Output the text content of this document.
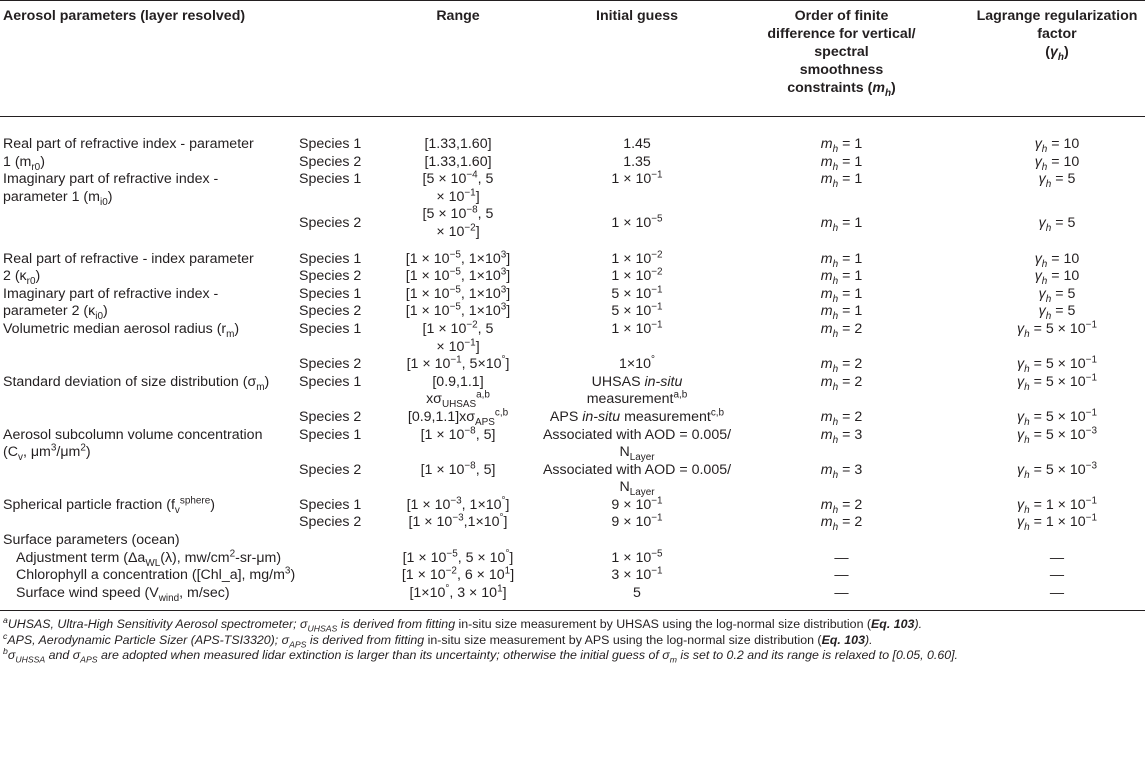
Aerosol parameters (layer resolved)		Range	Initial guess	Order of finite
difference for vertical/
spectral
smoothness
constraints $(m_h)$	Lagrange regularization
factor
$(\gamma_h)$
Real part of refractive index - parameter
1 $(m_{r0})$	Species 1	[1.33,1.60]	1.45	$m_h = 1$	$\gamma_h = 10$
	Species 2	[1.33,1.60]	1.35	$m_h = 1$	$\gamma_h = 10$
Imaginary part of refractive index -
parameter 1 $(m_{i0})$	Species 1	[$5 \times 10^{-4}$, 5
× $10^{-1}$]	$1 \times 10^{-1}$	$m_h = 1$	$\gamma_h = 5$
	Species 2	[$5 \times 10^{-8}$, 5
× $10^{-2}$]	$1 \times 10^{-5}$	$m_h = 1$	$\gamma_h = 5$
Real part of refractive - index parameter
2 $(\kappa_{r0})$	Species 1	[$1 \times 10^{-5}$, $1\times 10^3$]	$1 \times 10^{-2}$	$m_h = 1$	$\gamma_h = 10$
	Species 2	[$1 \times 10^{-5}$, $1\times 10^3$]	$1 \times 10^{-2}$	$m_h = 1$	$\gamma_h = 10$
Imaginary part of refractive index -
parameter 2 $(\kappa_{i0})$	Species 1	[$1 \times 10^{-5}$, $1\times 10^3$]	$5 \times 10^{-1}$	$m_h = 1$	$\gamma_h = 5$
	Species 2	[$1 \times 10^{-5}$, $1\times 10^3$]	$5 \times 10^{-1}$	$m_h = 1$	$\gamma_h = 5$
Volumetric median aerosol radius $(r_m)$	Species 1	[$1 \times 10^{-2}$, 5
× $10^{-1}$]	$1 \times 10^{-1}$	$m_h = 2$	$\gamma_h = 5 \times 10^{-1}$
	Species 2	[$1 \times 10^{-1}$, 5×10°]	1×10°	$m_h = 2$	$\gamma_h = 5 \times 10^{-1}$
Standard deviation of size distribution $(\sigma_m)$	Species 1	[0.9,1.1]
$x\sigma_{UHSAS}^{a,b}$	UHSAS in-situ
measurement$^{a,b}$	$m_h = 2$	$\gamma_h = 5 \times 10^{-1}$
	Species 2	$[0.9,1.1]x\sigma_{APS}^{c,b}$	APS in-situ measurement$^{c,b}$	$m_h = 2$	$\gamma_h = 5 \times 10^{-1}$
Aerosol subcolumn volume concentration
($C_v$, $\mu m^3/\mu m^2$)	Species 1	[$1 \times 10^{-8}$, 5]	Associated with AOD = 0.005/
$N_{Layer}$	$m_h = 3$	$\gamma_h = 5 \times 10^{-3}$
	Species 2	[$1 \times 10^{-8}$, 5]	Associated with AOD = 0.005/
$N_{Layer}$	$m_h = 3$	$\gamma_h = 5 \times 10^{-3}$
Spherical particle fraction $(f_v^{sphere})$	Species 1	[$1 \times 10^{-3}$, 1×10°]	$9 \times 10^{-1}$	$m_h = 2$	$\gamma_h = 1 \times 10^{-1}$
	Species 2	$[1 \times 10^{-3},1\times 10^\circ]$	$9 \times 10^{-1}$	$m_h = 2$	$\gamma_h = 1 \times 10^{-1}$
Surface parameters (ocean)					
Adjustment term ($\Delta a_{WL}(\lambda)$, $mw/cm^2-sr-\mu m$)		[$1 \times 10^{-5}$, 5 × 10°]	$1 \times 10^{-5}$	—	—
Chlorophyll a concentration ([Chl_a], $mg/m^3$)		[$1 \times 10^{-2}$, $6 \times 10^1$]	$3 \times 10^{-1}$	—	—
Surface wind speed ($V_{wind}$, m/sec)		[1×10°, $3 \times 10^1$]	5	—	—

$^a$UHSAS, Ultra-High Sensitivity Aerosol spectrometer; $\sigma_{UHSAS}$ is derived from fitting in-situ size measurement by UHSAS using the log-normal size distribution (Eq. 103).

$^c$APS, Aerodynamic Particle Sizer (APS-TSI3320); $\sigma_{APS}$ is derived from fitting in-situ size measurement by APS using the log-normal size distribution (Eq. 103).

$^b\sigma_{UHSSA}$ and $\sigma_{APS}$ are adopted when measured lidar extinction is larger than its uncertainty; otherwise the initial guess of $\sigma_m$ is set to 0.2 and its range is relaxed to [0.05, 0.60].
